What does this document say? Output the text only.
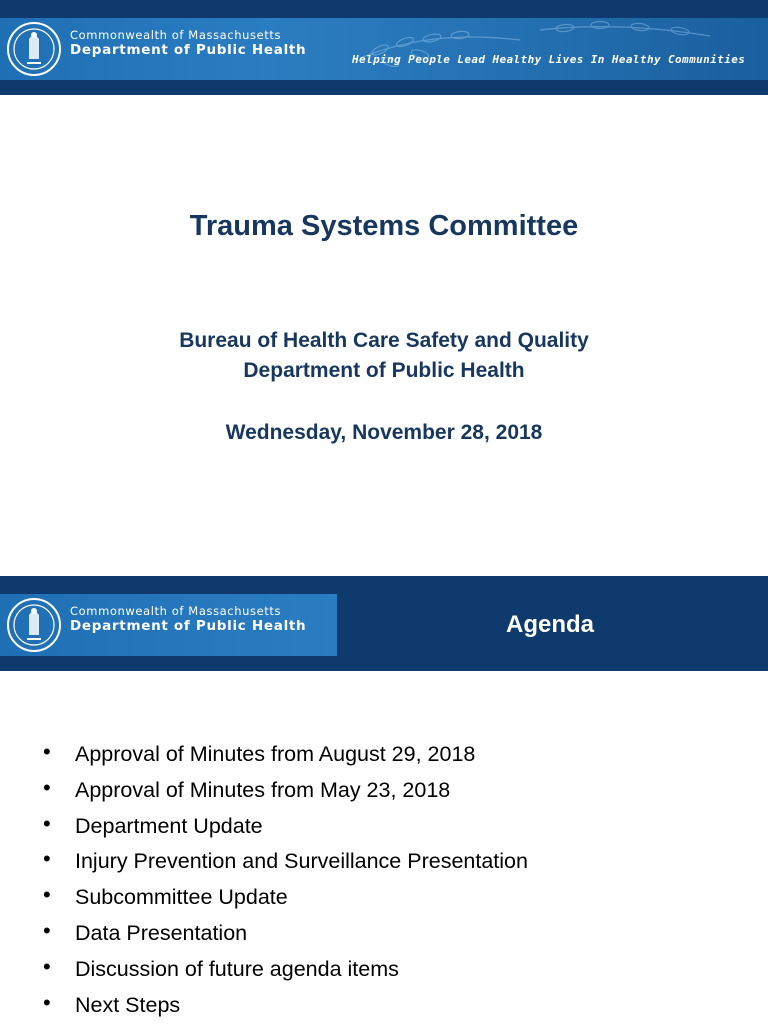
Commonwealth of Massachusetts
Department of Public Health
Helping People Lead Healthy Lives In Healthy Communities
Trauma Systems Committee
Bureau of Health Care Safety and Quality
Department of Public Health
Wednesday, November 28, 2018
Commonwealth of Massachusetts
Department of Public Health	Agenda
• Approval of Minutes from August 29, 2018
• Approval of Minutes from May 23, 2018
• Department Update
• Injury Prevention and Surveillance Presentation
• Subcommittee Update
• Data Presentation
• Discussion of future agenda items
• Next Steps
